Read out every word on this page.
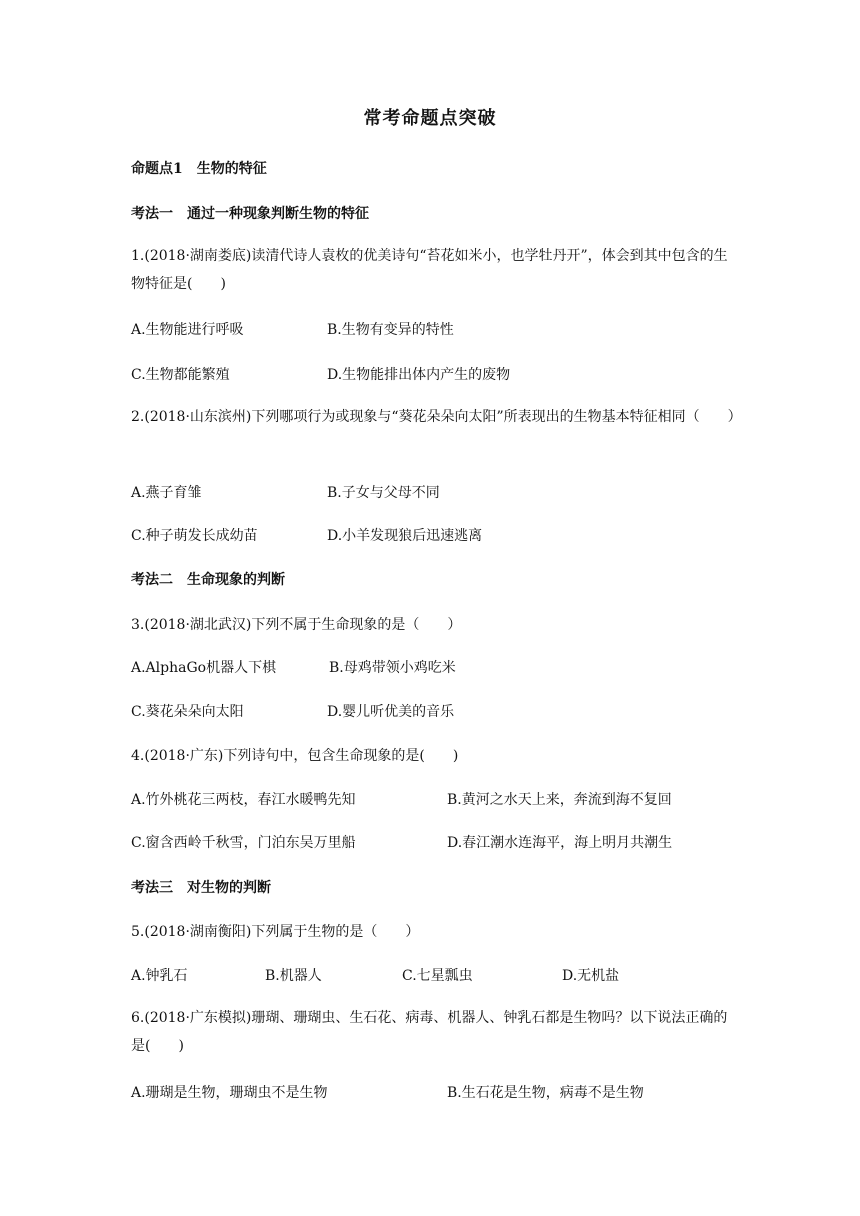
常考命题点突破
命题点1　生物的特征
考法一　通过一种现象判断生物的特征
1.(2018·湖南娄底)读清代诗人袁枚的优美诗句“苔花如米小，也学牡丹开”，体会到其中包含的生物特征是(　　)
A.生物能进行呼吸	B.生物有变异的特性
C.生物都能繁殖	D.生物能排出体内产生的废物
2.(2018·山东滨州)下列哪项行为或现象与“葵花朵朵向太阳”所表现出的生物基本特征相同（　　）
A.燕子育雏	B.子女与父母不同
C.种子萌发长成幼苗	D.小羊发现狼后迅速逃离
考法二　生命现象的判断
3.(2018·湖北武汉)下列不属于生命现象的是（　　）
A.AlphaGo机器人下棋	B.母鸡带领小鸡吃米
C.葵花朵朵向太阳	D.婴儿听优美的音乐
4.(2018·广东)下列诗句中，包含生命现象的是(　　)
A.竹外桃花三两枝，春江水暖鸭先知	B.黄河之水天上来，奔流到海不复回
C.窗含西岭千秋雪，门泊东吴万里船	D.春江潮水连海平，海上明月共潮生
考法三　对生物的判断
5.(2018·湖南衡阳)下列属于生物的是（　　）
A.钟乳石	B.机器人	C.七星瓢虫	D.无机盐
6.(2018·广东模拟)珊瑚、珊瑚虫、生石花、病毒、机器人、钟乳石都是生物吗？以下说法正确的是(　　)
A.珊瑚是生物，珊瑚虫不是生物	B.生石花是生物，病毒不是生物
